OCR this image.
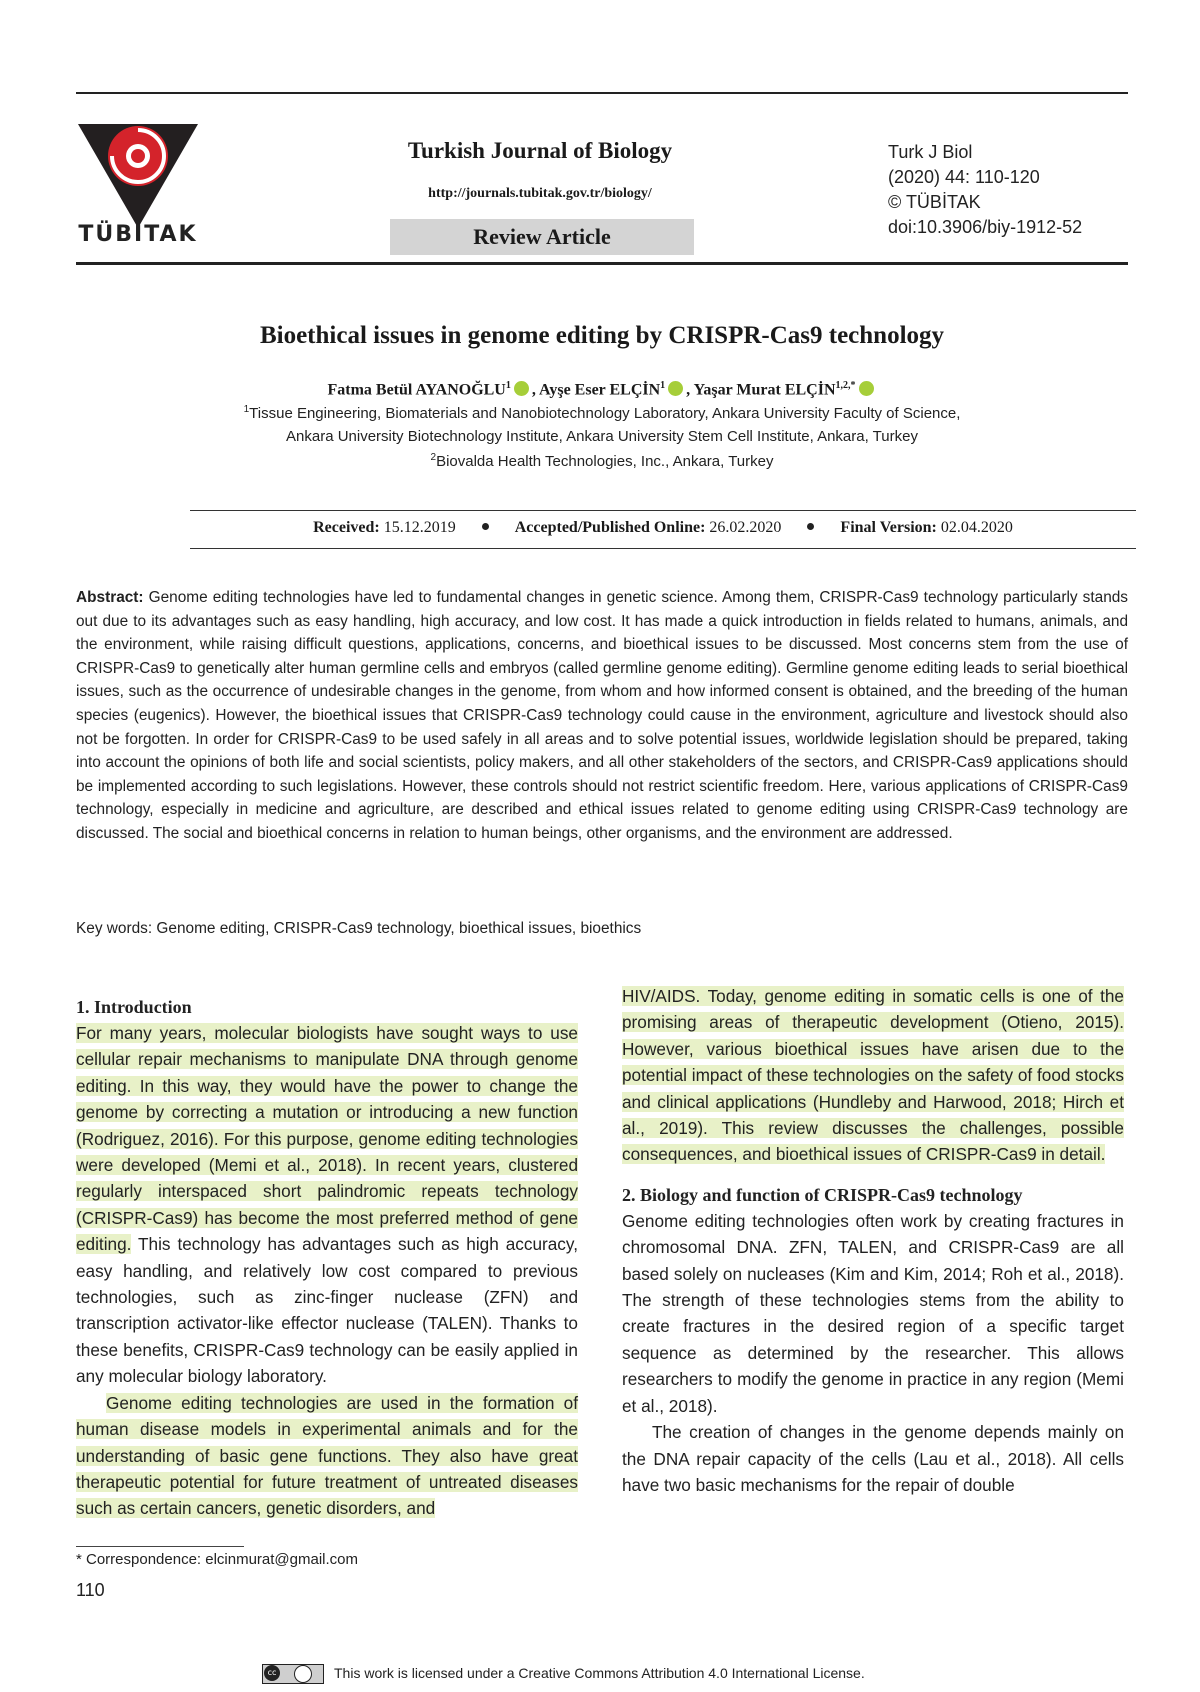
TÜBİTAK
Turkish Journal of Biology
http://journals.tubitak.gov.tr/biology/
Review Article
Turk J Biol
(2020) 44: 110-120
© TÜBİTAK
doi:10.3906/biy-1912-52
Bioethical issues in genome editing by CRISPR-Cas9 technology
Fatma Betül AYANOĞLU$^1$ , Ayşe Eser ELÇİN$^1$ , Yaşar Murat $ELÇİN^{1,2,*}$
$^1$Tissue Engineering, Biomaterials and Nanobiotechnology Laboratory, Ankara University Faculty of Science,
Ankara University Biotechnology Institute, Ankara University Stem Cell Institute, Ankara, Turkey
$^2$Biovalda Health Technologies, Inc., Ankara, Turkey
Received: 15.12.2019	Accepted/Published Online: 26.02.2020	Final Version: 02.04.2020
Abstract: Genome editing technologies have led to fundamental changes in genetic science. Among them, CRISPR-Cas9 technology particularly stands out due to its advantages such as easy handling, high accuracy, and low cost. It has made a quick introduction in fields related to humans, animals, and the environment, while raising difficult questions, applications, concerns, and bioethical issues to be discussed. Most concerns stem from the use of CRISPR-Cas9 to genetically alter human germline cells and embryos (called germline genome editing). Germline genome editing leads to serial bioethical issues, such as the occurrence of undesirable changes in the genome, from whom and how informed consent is obtained, and the breeding of the human species (eugenics). However, the bioethical issues that CRISPR-Cas9 technology could cause in the environment, agriculture and livestock should also not be forgotten. In order for CRISPR-Cas9 to be used safely in all areas and to solve potential issues, worldwide legislation should be prepared, taking into account the opinions of both life and social scientists, policy makers, and all other stakeholders of the sectors, and CRISPR-Cas9 applications should be implemented according to such legislations. However, these controls should not restrict scientific freedom. Here, various applications of CRISPR-Cas9 technology, especially in medicine and agriculture, are described and ethical issues related to genome editing using CRISPR-Cas9 technology are discussed. The social and bioethical concerns in relation to human beings, other organisms, and the environment are addressed.
Key words: Genome editing, CRISPR-Cas9 technology, bioethical issues, bioethics
1. Introduction

For many years, molecular biologists have sought ways to use cellular repair mechanisms to manipulate DNA through genome editing. In this way, they would have the power to change the genome by correcting a mutation or introducing a new function (Rodriguez, 2016). For this purpose, genome editing technologies were developed (Memi et al., 2018). In recent years, clustered regularly interspaced short palindromic repeats technology (CRISPR-Cas9) has become the most preferred method of gene editing. This technology has advantages such as high accuracy, easy handling, and relatively low cost compared to previous technologies, such as zinc-finger nuclease (ZFN) and transcription activator-like effector nuclease (TALEN). Thanks to these benefits, CRISPR-Cas9 technology can be easily applied in any molecular biology laboratory.

Genome editing technologies are used in the formation of human disease models in experimental animals and for the understanding of basic gene functions. They also have great therapeutic potential for future treatment of untreated diseases such as certain cancers, genetic disorders, and

HIV/AIDS. Today, genome editing in somatic cells is one of the promising areas of therapeutic development (Otieno, 2015). However, various bioethical issues have arisen due to the potential impact of these technologies on the safety of food stocks and clinical applications (Hundleby and Harwood, 2018; Hirch et al., 2019). This review discusses the challenges, possible consequences, and bioethical issues of CRISPR-Cas9 in detail.

2. Biology and function of CRISPR-Cas9 technology

Genome editing technologies often work by creating fractures in chromosomal DNA. ZFN, TALEN, and CRISPR-Cas9 are all based solely on nucleases (Kim and Kim, 2014; Roh et al., 2018). The strength of these technologies stems from the ability to create fractures in the desired region of a specific target sequence as determined by the researcher. This allows researchers to modify the genome in practice in any region (Memi et al., 2018).

The creation of changes in the genome depends mainly on the DNA repair capacity of the cells (Lau et al., 2018). All cells have two basic mechanisms for the repair of double

* Correspondence: elcinmurat@gmail.com
110
cc	This work is licensed under a Creative Commons Attribution 4.0 International License.
